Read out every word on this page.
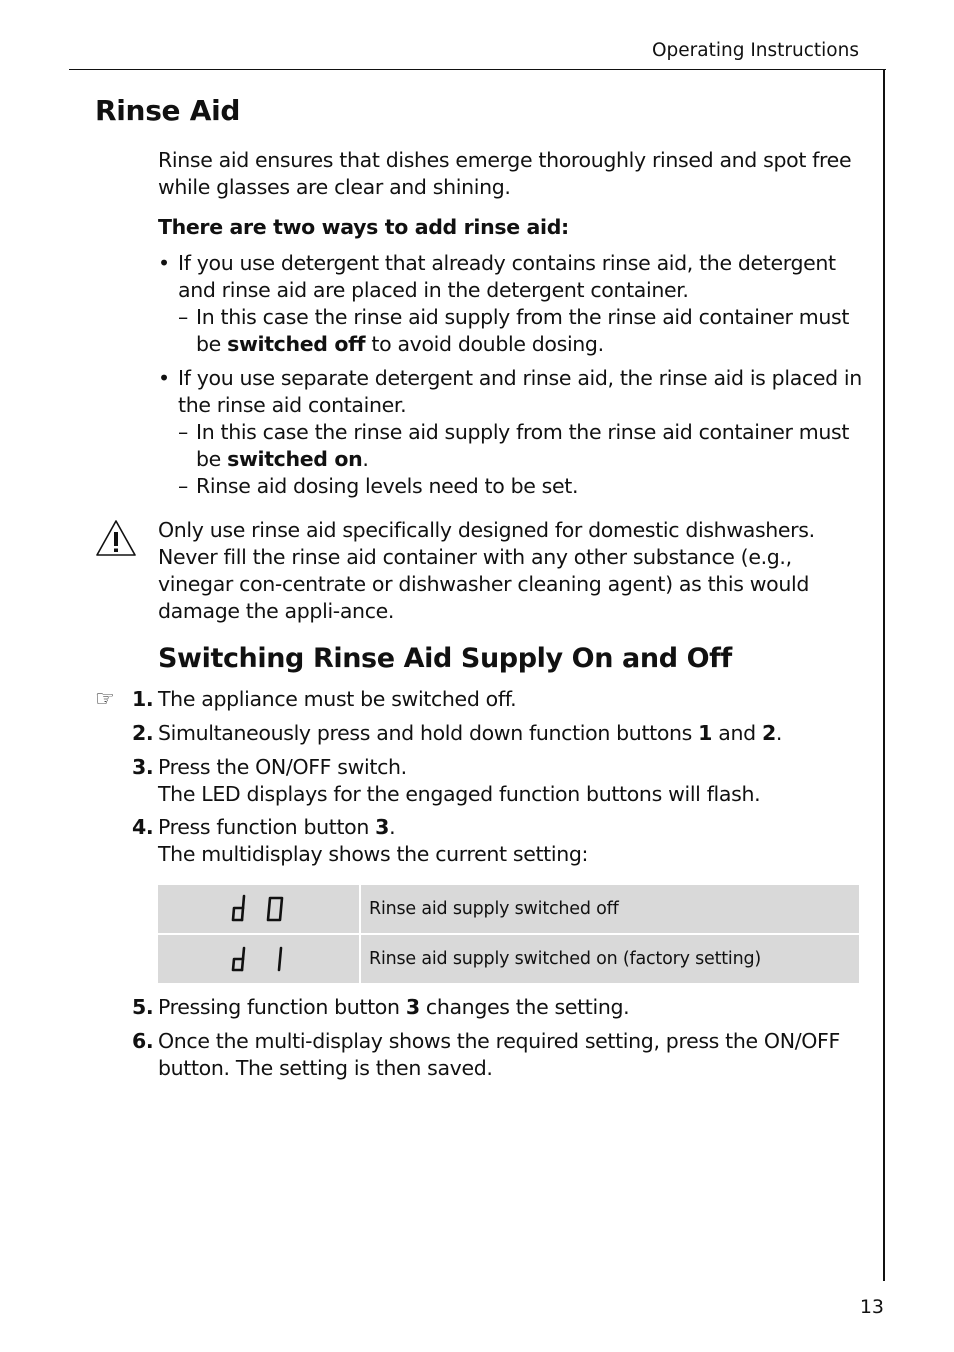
Operating Instructions
Rinse Aid
Rinse aid ensures that dishes emerge thoroughly rinsed and spot free while glasses are clear and shining.
There are two ways to add rinse aid:
• If you use detergent that already contains rinse aid, the detergent and rinse aid are placed in the detergent container.
– In this case the rinse aid supply from the rinse aid container must be switched off to avoid double dosing.
• If you use separate detergent and rinse aid, the rinse aid is placed in the rinse aid container.
– In this case the rinse aid supply from the rinse aid container must be switched on.
– Rinse aid dosing levels need to be set.
Only use rinse aid specifically designed for domestic dishwashers. Never fill the rinse aid container with any other substance (e.g., vinegar con-centrate or dishwasher cleaning agent) as this would damage the appli-ance.
Switching Rinse Aid Supply On and Off
☞ 1. The appliance must be switched off.
2. Simultaneously press and hold down function buttons 1 and 2.
3. Press the ON/OFF switch.
The LED displays for the engaged function buttons will flash.
4. Press function button 3.
The multidisplay shows the current setting:
Rinse aid supply switched off
Rinse aid supply switched on (factory setting)
5. Pressing function button 3 changes the setting.
6. Once the multi-display shows the required setting, press the ON/OFF button. The setting is then saved.
13
